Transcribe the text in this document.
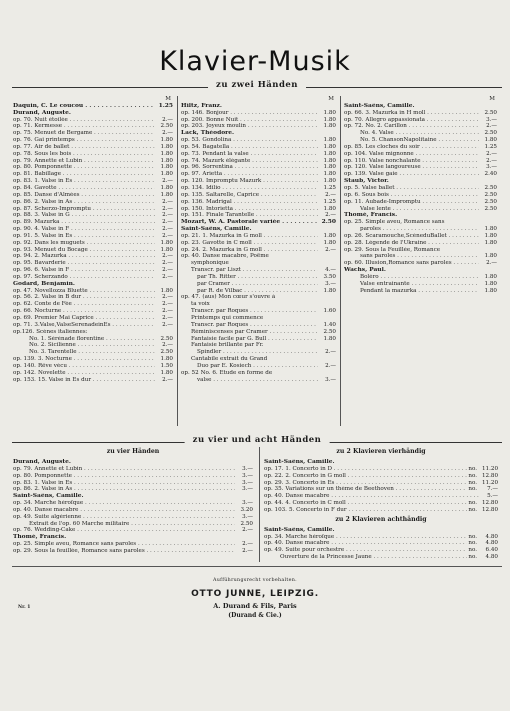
Klavier-Musik
zu zwei Händen
M
Daquin, C. Le coucou . . .	1.25
Durand, Auguste.
op. 70. Nuit étoilée . . .	2.—
op. 71. Kermesse . . .	2.50
op. 75. Menuet de Bergame . . .	2.—
op. 76. Gai printemps . . .	1.80
op. 77. Air de ballet . . .	1.80
op. 78. Sous les bois . . .	1.80
op. 79. Annette et Lubin . . .	1.80
op. 80. Pomponnette . . .	1.80
op. 81. Babillage . . .	1.80
op. 83. 1. Valse in Es . . .	2.—
op. 84. Gavotte . . .	1.80
op. 85. Danse d'Almées . . .	1.80
op. 86. 2. Valse in As . . .	2.—
op. 87. Scherzo-Impromptu . . .	2.—
op. 88. 3. Valse in G . . .	2.—
op. 89. Mazurka . . .	2.—
op. 90. 4. Valse in F . . .	2.—
op. 91. 5. Valse in Es . . .	2.—
op. 92. Dans les muguets . . .	1.80
op. 93. Menuet du Bocage . . .	1.80
op. 94. 2. Mazurka . . .	2.—
op. 95. Bavarderie . . .	2.—
op. 96. 6. Valse in F . . .	2.—
op. 97. Scherzando . . .	2.—
Godard, Benjamin.
op. 47. Novellozza Bluette . . .	1.80
op. 56. 2. Valse in B dur . . .	2.—
op. 62. Conte de Fée . . .	2.—
op. 66. Nocturne . . .	2.—
op. 69. Premier Mai Caprice . . .	2.—
op. 71. 3.Valse,ValseSerenadeinEs . . .	2.—
op.126. Scènes italiennes:
No. 1. Sérénade florentine . . .	2.50
No. 2. Sicilienne . . .	2.—
No. 3. Tarentelle . . .	2.50
op. 139. 3. Nocturne . . .	1.80
op. 140. Rêve vécu . . .	1.50
op. 142. Novelette . . .	1.80
op. 153. 15. Valse in Es dur . . .	2.—
M
Hiltz, Franz.
op. 146. Bonjour . . .	1.80
op. 200. Bonne Nuit . . .	1.80
op. 203. Joyeux moulin . . .	1.80
Lack, Théodore.
op. 53. Gondolina . . .	1.80
op. 54. Bagatella . . .	1.80
op. 73. Pendant la valse . . .	1.80
op. 74. Mazurk élégante . . .	1.80
op. 96. Sorrentina . . .	1.80
op. 97. Arietta . . .	1.80
op. 120. Impromptu Mazurk . . .	1.80
op. 134. Idilio . . .	1.25
op. 135. Saltarelle, Caprice . . .	2.—
op. 136. Madrigal . . .	1.25
op. 150. Intorietta . . .	1.80
op. 151. Finale Tarantelle . . .	2.—
Mozart, W. A. Pastorale variée . . .	2.50
Saint-Saëns, Camille.
op. 21. 1. Mazurka in G moll . . .	1.80
op. 23. Gavotte in C moll . . .	1.80
op. 24. 2. Mazurka in G moll . . .	2.—
op. 40. Danse macabre, Poëme
symphonique
Transcr. par Liszt . . .	4.—
par Th. Ritter . . .	3.50
par Cramer . . .	3.—
par R. de Vilbac . . .	1.80
op. 47. (aus) Mon cœur s'ouvre à
ta voix
Transcr. par Roques . . .	1.60
Printemps qui commence
Transcr. par Roques . . .	1.40
Réminiscenses par Cramer . . .	2.50
Fantaisie facile par G. Bull . . .	1.80
Fantaisie brillante par Fr.
Spindler . . .	2.—
Cantabile extrait du Grand
Duo par E. Kosiech . . .	2.—
op. 52 No. 6. Étude en forme de
valse . . .	3.—
M
Saint-Saëns, Camille.
op. 66. 3. Mazurka in H moll . . .	2.50
op. 70. Allegro appassionata . . .	3.—
op. 72. No. 2. Carillon . . .	2.—
No. 4. Valse . . .	2.50
No. 5. ChansonNapolitaine . . .	1.80
op. 85. Les cloches du soir . . .	1.25
op. 104. Valse mignonne . . .	2.—
op. 110. Valse nonchalante . . .	2.—
op. 120. Valse langoureuse . . .	3.—
op. 139. Valse gaie . . .	2.40
Staub, Victor.
op. 5. Valse ballet . . .	2.50
op. 6. Sous bois . . .	2.50
op. 11. Aubade-Impromptu . . .	2.50
Valse lente . . .	2.50
Thomé, Francis.
op. 25. Simple aveu, Romance sans
paroles . . .	1.80
op. 26. Scaramouche,ScèneduBallet . . .	1.80
op. 28. Légende de l'Ukraine . . .	1.80
op. 29. Sous la Feuillée, Romance
sans paroles . . .	1.80
op. 60. Illusion,Romance sans paroles . . .	2.—
Wachs, Paul.
Boléro . . .	1.80
Valse entrainante . . .	1.80
Pendant la mazurka . . .	1.80
zu vier und acht Händen
zu vier Händen
Durand, Auguste.
op. 79. Annette et Lubin . . .	3.—
op. 80. Pomponnette . . .	3.—
op. 83. 1. Valse in Es . . .	3.—
op. 86. 2. Valse in As . . .	3.—
Saint-Saëns, Camille.
op. 34. Marche héroïque . . .	3.—
op. 40. Danse macabre . . .	3.20
op. 49. Suite algérienne . . .	3.—
Extrait de l'op. 60 Marche militaire . . .	2.50
op. 76. Wedding-Cake . . .	2.—
Thomé, Francis.
op. 25. Simple aveu, Romance sans paroles . . .	2.—
op. 29. Sous la feuillée, Romance sans paroles . . .	2.—
zu 2 Klavieren vierhändig
Saint-Saëns, Camille.
op. 17. 1. Concerto in D . . .	no. 11.20
op. 22. 2. Concerto in G moll . . .	no. 12.80
op. 29. 3. Concerto in Es . . .	no. 11.20
op. 35. Variations sur un thème de Beethoven . . .	no.	7.—
op. 40. Danse macabre . . .	5.—
op. 44. 4. Concerto in C moll . . .	no. 12.80
op. 103. 5. Concerto in F dur . . .	no. 12.80
zu 2 Klavieren achthändig
Saint-Saëns, Camille.
op. 34. Marche héroïque . . .	no.	4.80
op. 40. Danse macabre . . .	no.	4.80
op. 49. Suite pour orchestre . . .	no.	6.40
Ouverture de la Princesse Jaune . . .	no.	4.80
Aufführungsrecht vorbehalten.
OTTO JUNNE, LEIPZIG.
A. Durand & Fils, Paris
(Durand & Cie.)
Nr. 1
